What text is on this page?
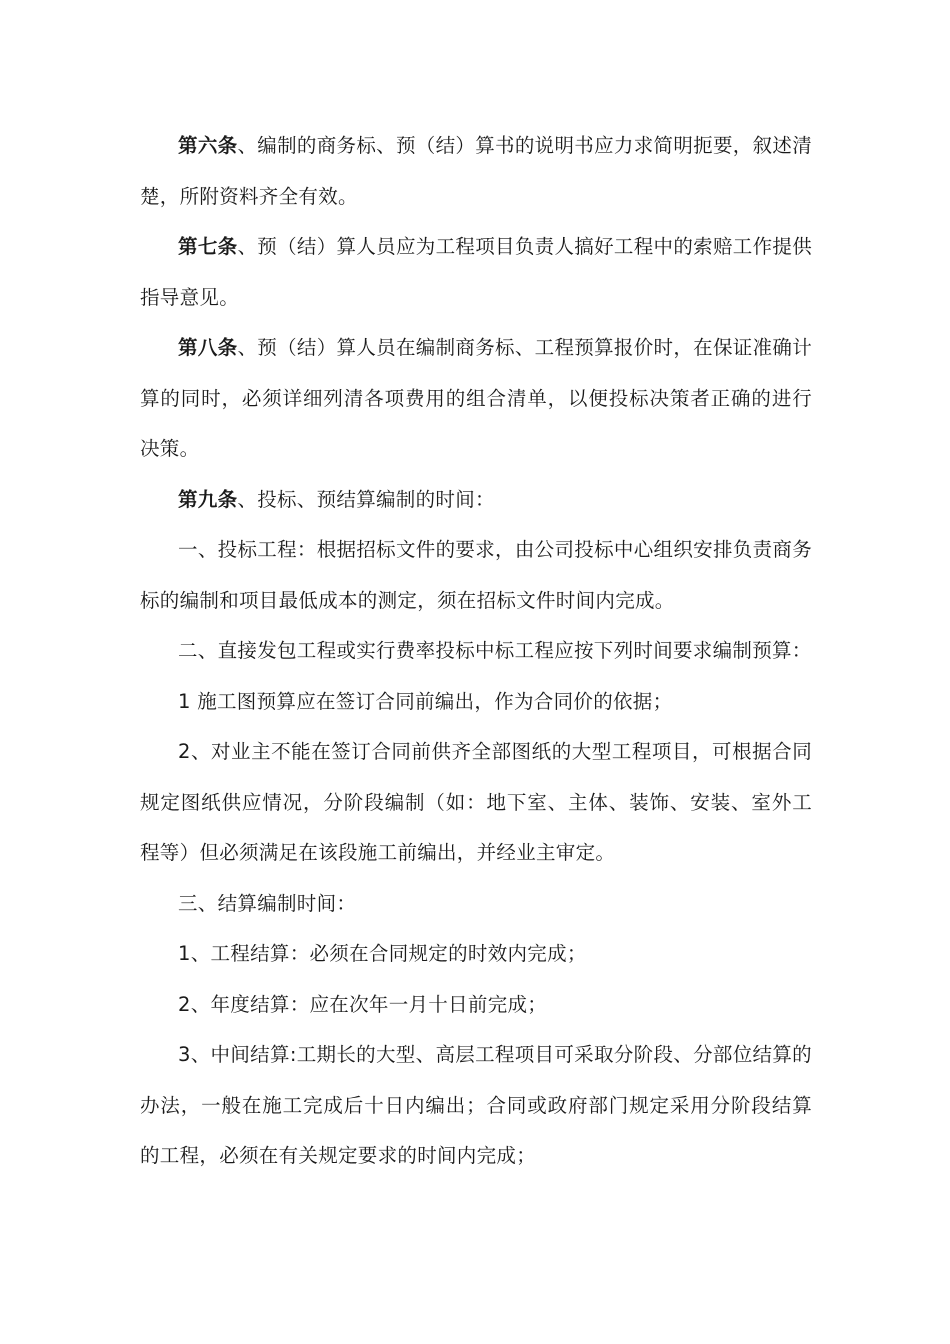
第六条、编制的商务标、预（结）算书的说明书应力求简明扼要，叙述清楚，所附资料齐全有效。

第七条、预（结）算人员应为工程项目负责人搞好工程中的索赔工作提供指导意见。

第八条、预（结）算人员在编制商务标、工程预算报价时，在保证准确计算的同时，必须详细列清各项费用的组合清单，以便投标决策者正确的进行决策。

第九条、投标、预结算编制的时间：

一、投标工程：根据招标文件的要求，由公司投标中心组织安排负责商务标的编制和项目最低成本的测定，须在招标文件时间内完成。

二、直接发包工程或实行费率投标中标工程应按下列时间要求编制预算：

1 施工图预算应在签订合同前编出，作为合同价的依据；

2、对业主不能在签订合同前供齐全部图纸的大型工程项目，可根据合同规定图纸供应情况，分阶段编制（如：地下室、主体、装饰、安装、室外工程等）但必须满足在该段施工前编出，并经业主审定。

三、结算编制时间：

1、工程结算：必须在合同规定的时效内完成；

2、年度结算：应在次年一月十日前完成；

3、中间结算:工期长的大型、高层工程项目可采取分阶段、分部位结算的办法，一般在施工完成后十日内编出；合同或政府部门规定采用分阶段结算的工程，必须在有关规定要求的时间内完成；
